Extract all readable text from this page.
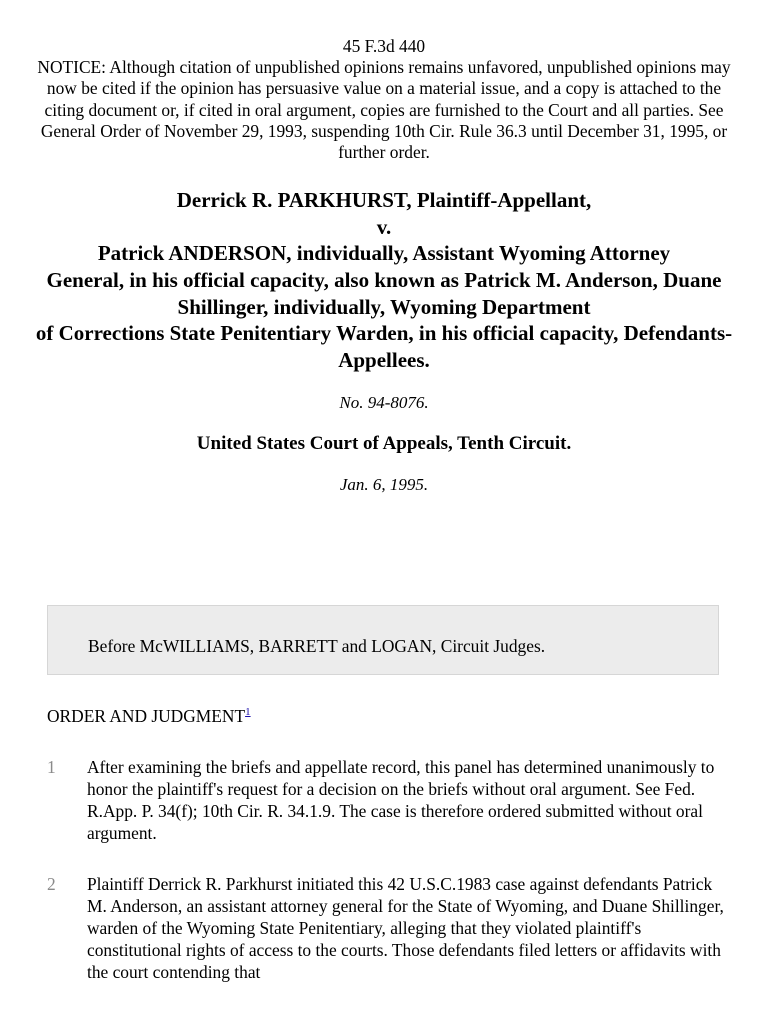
45 F.3d 440
NOTICE: Although citation of unpublished opinions remains unfavored, unpublished opinions may now be cited if the opinion has persuasive value on a material issue, and a copy is attached to the citing document or, if cited in oral argument, copies are furnished to the Court and all parties. See General Order of November 29, 1993, suspending 10th Cir. Rule 36.3 until December 31, 1995, or further order.
Derrick R. PARKHURST, Plaintiff-Appellant,
v.
Patrick ANDERSON, individually, Assistant Wyoming Attorney
General, in his official capacity, also known as Patrick M. Anderson, Duane Shillinger, individually, Wyoming Department
of Corrections State Penitentiary Warden, in his official capacity, Defendants-Appellees.
No. 94-8076.
United States Court of Appeals, Tenth Circuit.
Jan. 6, 1995.
Before McWILLIAMS, BARRETT and LOGAN, Circuit Judges.
ORDER AND JUDGMENT$^1$
1 After examining the briefs and appellate record, this panel has determined unanimously to honor the plaintiff's request for a decision on the briefs without oral argument. See Fed. R.App. P. 34(f); 10th Cir. R. 34.1.9. The case is therefore ordered submitted without oral argument.
2 Plaintiff Derrick R. Parkhurst initiated this 42 U.S.C.1983 case against defendants Patrick M. Anderson, an assistant attorney general for the State of Wyoming, and Duane Shillinger, warden of the Wyoming State Penitentiary, alleging that they violated plaintiff's constitutional rights of access to the courts. Those defendants filed letters or affidavits with the court contending that
